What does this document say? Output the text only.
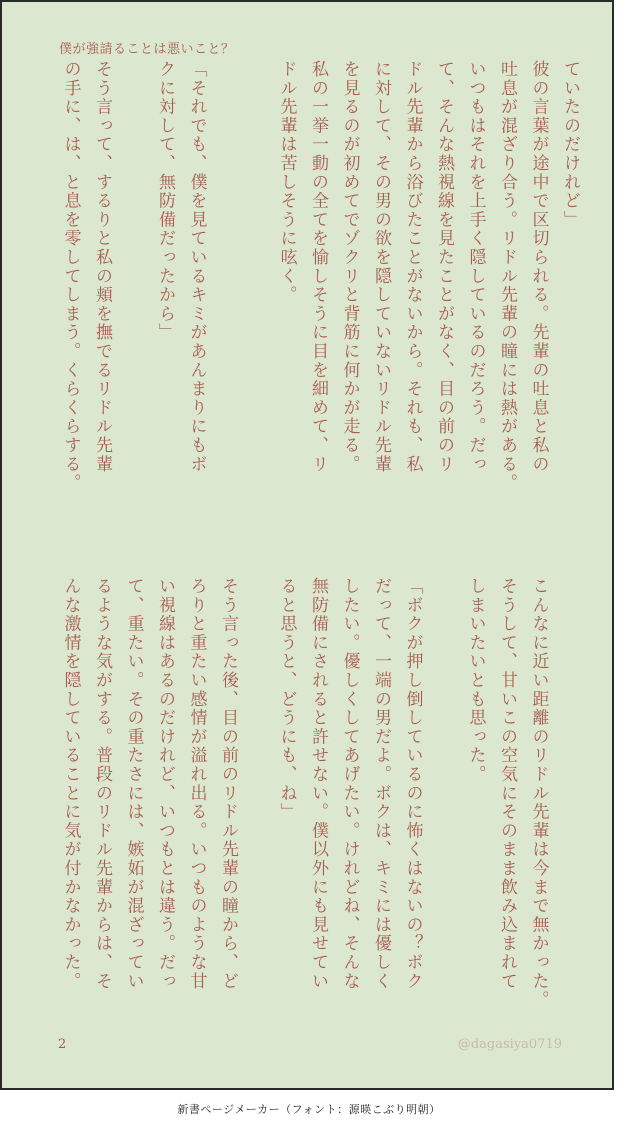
僕が強請ることは悪いこと？
ていたのだけれど」
彼の言葉が途中で区切られる。先輩の吐息と私の
吐息が混ざり合う。リドル先輩の瞳には熱がある。
いつもはそれを上手く隠しているのだろう。だっ
て、そんな熱視線を見たことがなく、目の前のリ
ドル先輩から浴びたことがないから。それも、私
に対して、その男の欲を隠していないリドル先輩
を見るのが初めてでゾクリと背筋に何かが走る。
私の一挙一動の全てを愉しそうに目を細めて、リ
ドル先輩は苦しそうに呟く。

「それでも、僕を見ているキミがあんまりにもボ
クに対して、無防備だったから」

そう言って、するりと私の頬を撫でるリドル先輩
の手に、は、と息を零してしまう。くらくらする。
こんなに近い距離のリドル先輩は今まで無かった。
そうして、甘いこの空気にそのまま飲み込まれて
しまいたいとも思った。

「ボクが押し倒しているのに怖くはないの？ボク
だって、一端の男だよ。ボクは、キミには優しく
したい。優しくしてあげたい。けれどね、そんな
無防備にされると許せない。僕以外にも見せてい
ると思うと、どうにも、ね」

そう言った後、目の前のリドル先輩の瞳から、ど
ろりと重たい感情が溢れ出る。いつものような甘
い視線はあるのだけれど、いつもとは違う。だっ
て、重たい。その重たさには、嫉妬が混ざってい
るような気がする。普段のリドル先輩からは、そ
んな激情を隠していることに気が付かなかった。
2	@dagasiya0719
新書ページメーカー（フォント：源暎こぶり明朝）
